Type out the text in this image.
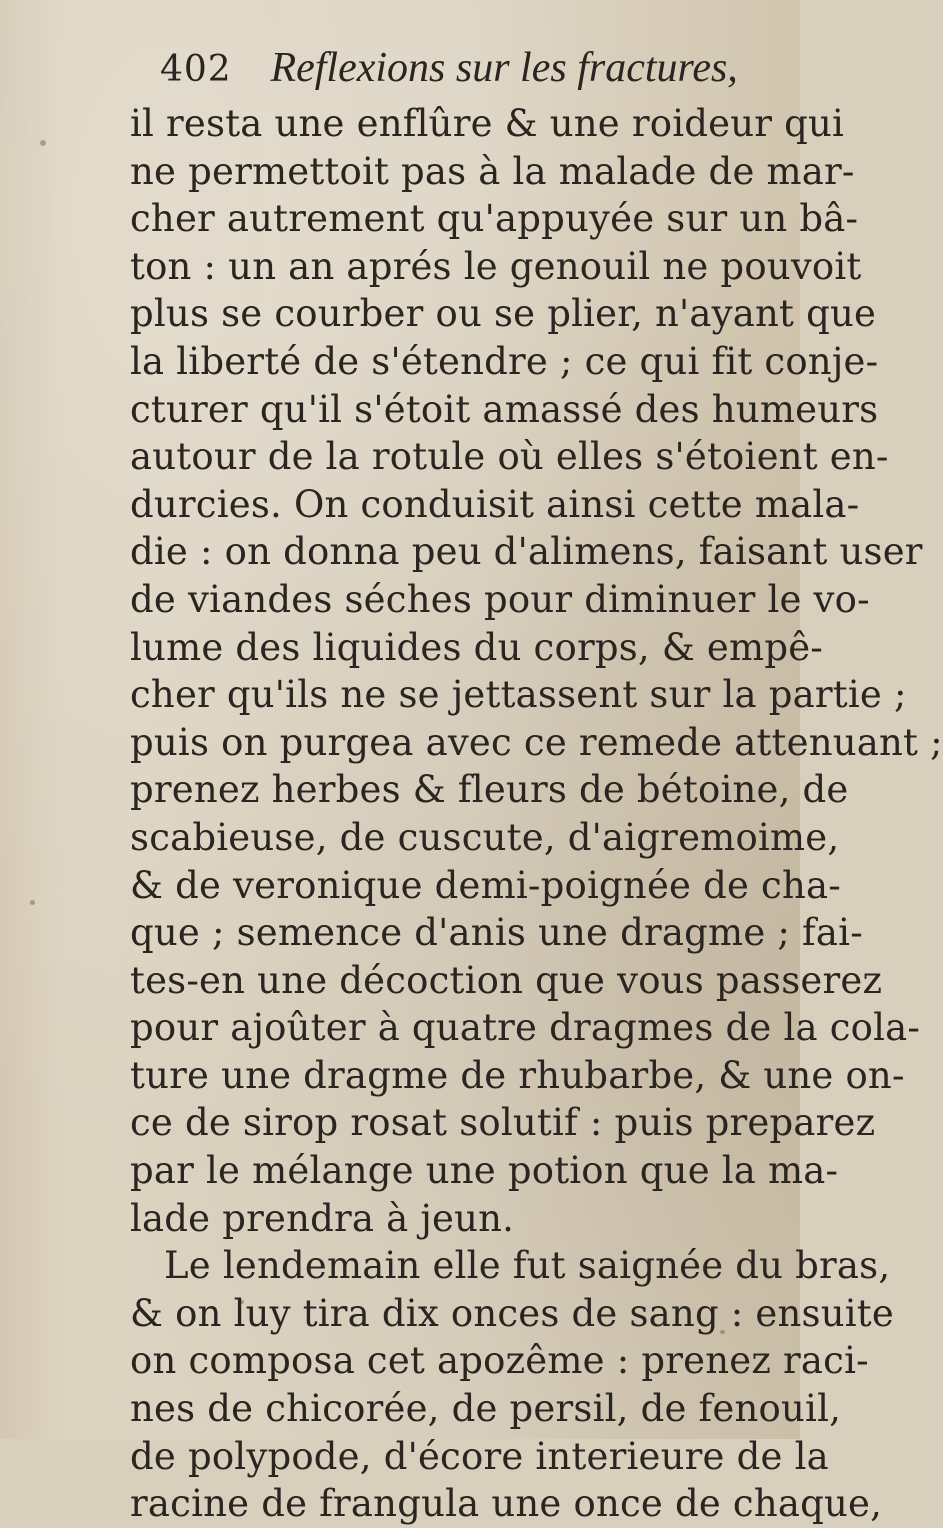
402 Reflexions sur les fractures,
il resta une enflûre & une roideur qui
ne permettoit pas à la malade de mar-
cher autrement qu'appuyée sur un bâ-
ton : un an aprés le genouil ne pouvoit
plus se courber ou se plier, n'ayant que
la liberté de s'étendre ; ce qui fit conje-
cturer qu'il s'étoit amassé des humeurs
autour de la rotule où elles s'étoient en-
durcies. On conduisit ainsi cette mala-
die : on donna peu d'alimens, faisant user
de viandes séches pour diminuer le vo-
lume des liquides du corps, & empê-
cher qu'ils ne se jettassent sur la partie ;
puis on purgea avec ce remede attenuant ;
prenez herbes & fleurs de bétoine, de
scabieuse, de cuscute, d'aigremoime,
& de veronique demi-poignée de cha-
que ; semence d'anis une dragme ; fai-
tes-en une décoction que vous passerez
pour ajoûter à quatre dragmes de la cola-
ture une dragme de rhubarbe, & une on-
ce de sirop rosat solutif : puis preparez
par le mélange une potion que la ma-
lade prendra à jeun.
Le lendemain elle fut saignée du bras,
& on luy tira dix onces de sang : ensuite
on composa cet apozême : prenez raci-
nes de chicorée, de persil, de fenouil,
de polypode, d'écore interieure de la
racine de frangula une once de chaque,
